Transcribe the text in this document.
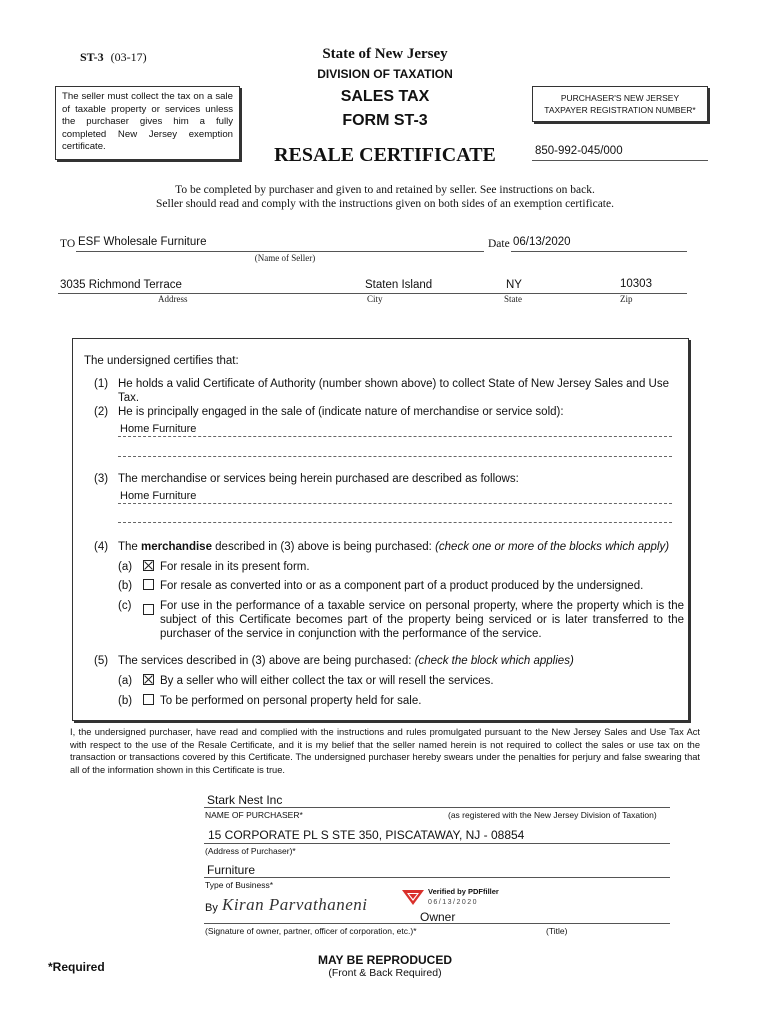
ST-3 (03-17)	State of New Jersey
DIVISION OF TAXATION
The seller must collect the tax on a sale of taxable property or services unless the purchaser gives him a fully completed New Jersey exemption certificate.
SALES TAX
FORM ST-3
RESALE CERTIFICATE
PURCHASER'S NEW JERSEY
TAXPAYER REGISTRATION NUMBER*
850-992-045/000
To be completed by purchaser and given to and retained by seller. See instructions on back.
Seller should read and comply with the instructions given on both sides of an exemption certificate.
TO ESF Wholesale Furniture	Date 06/13/2020
(Name of Seller)
3035 Richmond Terrace	Staten Island	NY	10303
Address	City	State	Zip
The undersigned certifies that:
(1) He holds a valid Certificate of Authority (number shown above) to collect State of New Jersey Sales and Use Tax.
(2) He is principally engaged in the sale of (indicate nature of merchandise or service sold):
Home Furniture
(3) The merchandise or services being herein purchased are described as follows:
Home Furniture
(4) The merchandise described in (3) above is being purchased: (check one or more of the blocks which apply)
(a)	For resale in its present form.
(b)	For resale as converted into or as a component part of a product produced by the undersigned.
(c) For use in the performance of a taxable service on personal property, where the property which is the subject of this Certificate becomes part of the property being serviced or is later transferred to the purchaser of the service in conjunction with the performance of the service.
(5) The services described in (3) above are being purchased: (check the block which applies)
(a)	By a seller who will either collect the tax or will resell the services.
(b)	To be performed on personal property held for sale.
I, the undersigned purchaser, have read and complied with the instructions and rules promulgated pursuant to the New Jersey Sales and Use Tax Act with respect to the use of the Resale Certificate, and it is my belief that the seller named herein is not required to collect the sales or use tax on the transaction or transactions covered by this Certificate. The undersigned purchaser hereby swears under the penalties for perjury and false swearing that all of the information shown in this Certificate is true.
Stark Nest Inc
NAME OF PURCHASER*	(as registered with the New Jersey Division of Taxation)
15 CORPORATE PL S STE 350, PISCATAWAY, NJ - 08854
(Address of Purchaser)*
Furniture
Type of Business*
Verified by PDFfiller
06/13/2020
By Kiran Parvathaneni
Owner
(Signature of owner, partner, officer of corporation, etc.)*	(Title)
*Required	MAY BE REPRODUCED
(Front & Back Required)
